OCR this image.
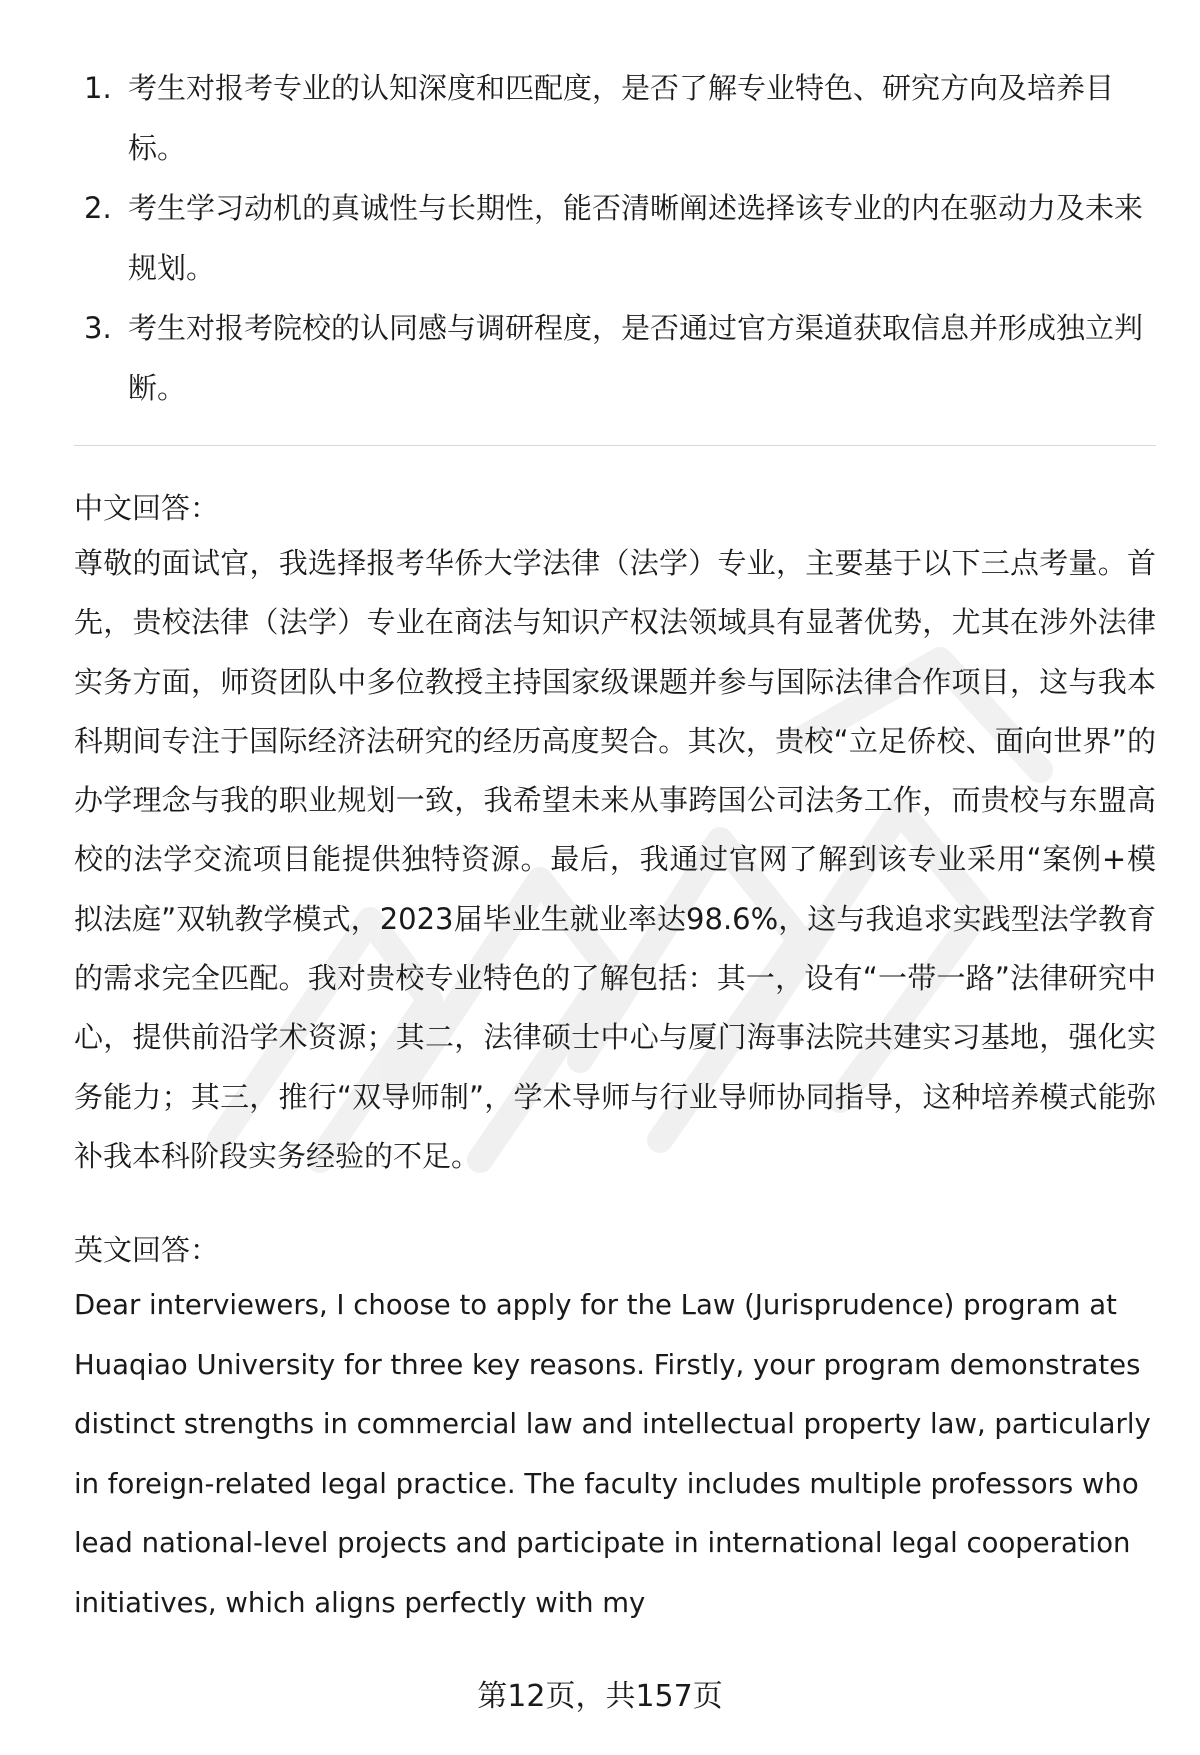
1. 考生对报考专业的认知深度和匹配度，是否了解专业特色、研究方向及培养目标。
2. 考生学习动机的真诚性与长期性，能否清晰阐述选择该专业的内在驱动力及未来规划。
3. 考生对报考院校的认同感与调研程度，是否通过官方渠道获取信息并形成独立判断。
中文回答：

尊敬的面试官，我选择报考华侨大学法律（法学）专业，主要基于以下三点考量。首先，贵校法律（法学）专业在商法与知识产权法领域具有显著优势，尤其在涉外法律实务方面，师资团队中多位教授主持国家级课题并参与国际法律合作项目，这与我本科期间专注于国际经济法研究的经历高度契合。其次，贵校“立足侨校、面向世界”的办学理念与我的职业规划一致，我希望未来从事跨国公司法务工作，而贵校与东盟高校的法学交流项目能提供独特资源。最后，我通过官网了解到该专业采用“案例+模拟法庭”双轨教学模式，2023届毕业生就业率达98.6%，这与我追求实践型法学教育的需求完全匹配。我对贵校专业特色的了解包括：其一，设有“一带一路”法律研究中心，提供前沿学术资源；其二，法律硕士中心与厦门海事法院共建实习基地，强化实务能力；其三，推行“双导师制”，学术导师与行业导师协同指导，这种培养模式能弥补我本科阶段实务经验的不足。

英文回答：

Dear interviewers, I choose to apply for the Law (Jurisprudence) program at Huaqiao University for three key reasons. Firstly, your program demonstrates distinct strengths in commercial law and intellectual property law, particularly in foreign-related legal practice. The faculty includes multiple professors who lead national-level projects and participate in international legal cooperation initiatives, which aligns perfectly with my

第12页，共157页
